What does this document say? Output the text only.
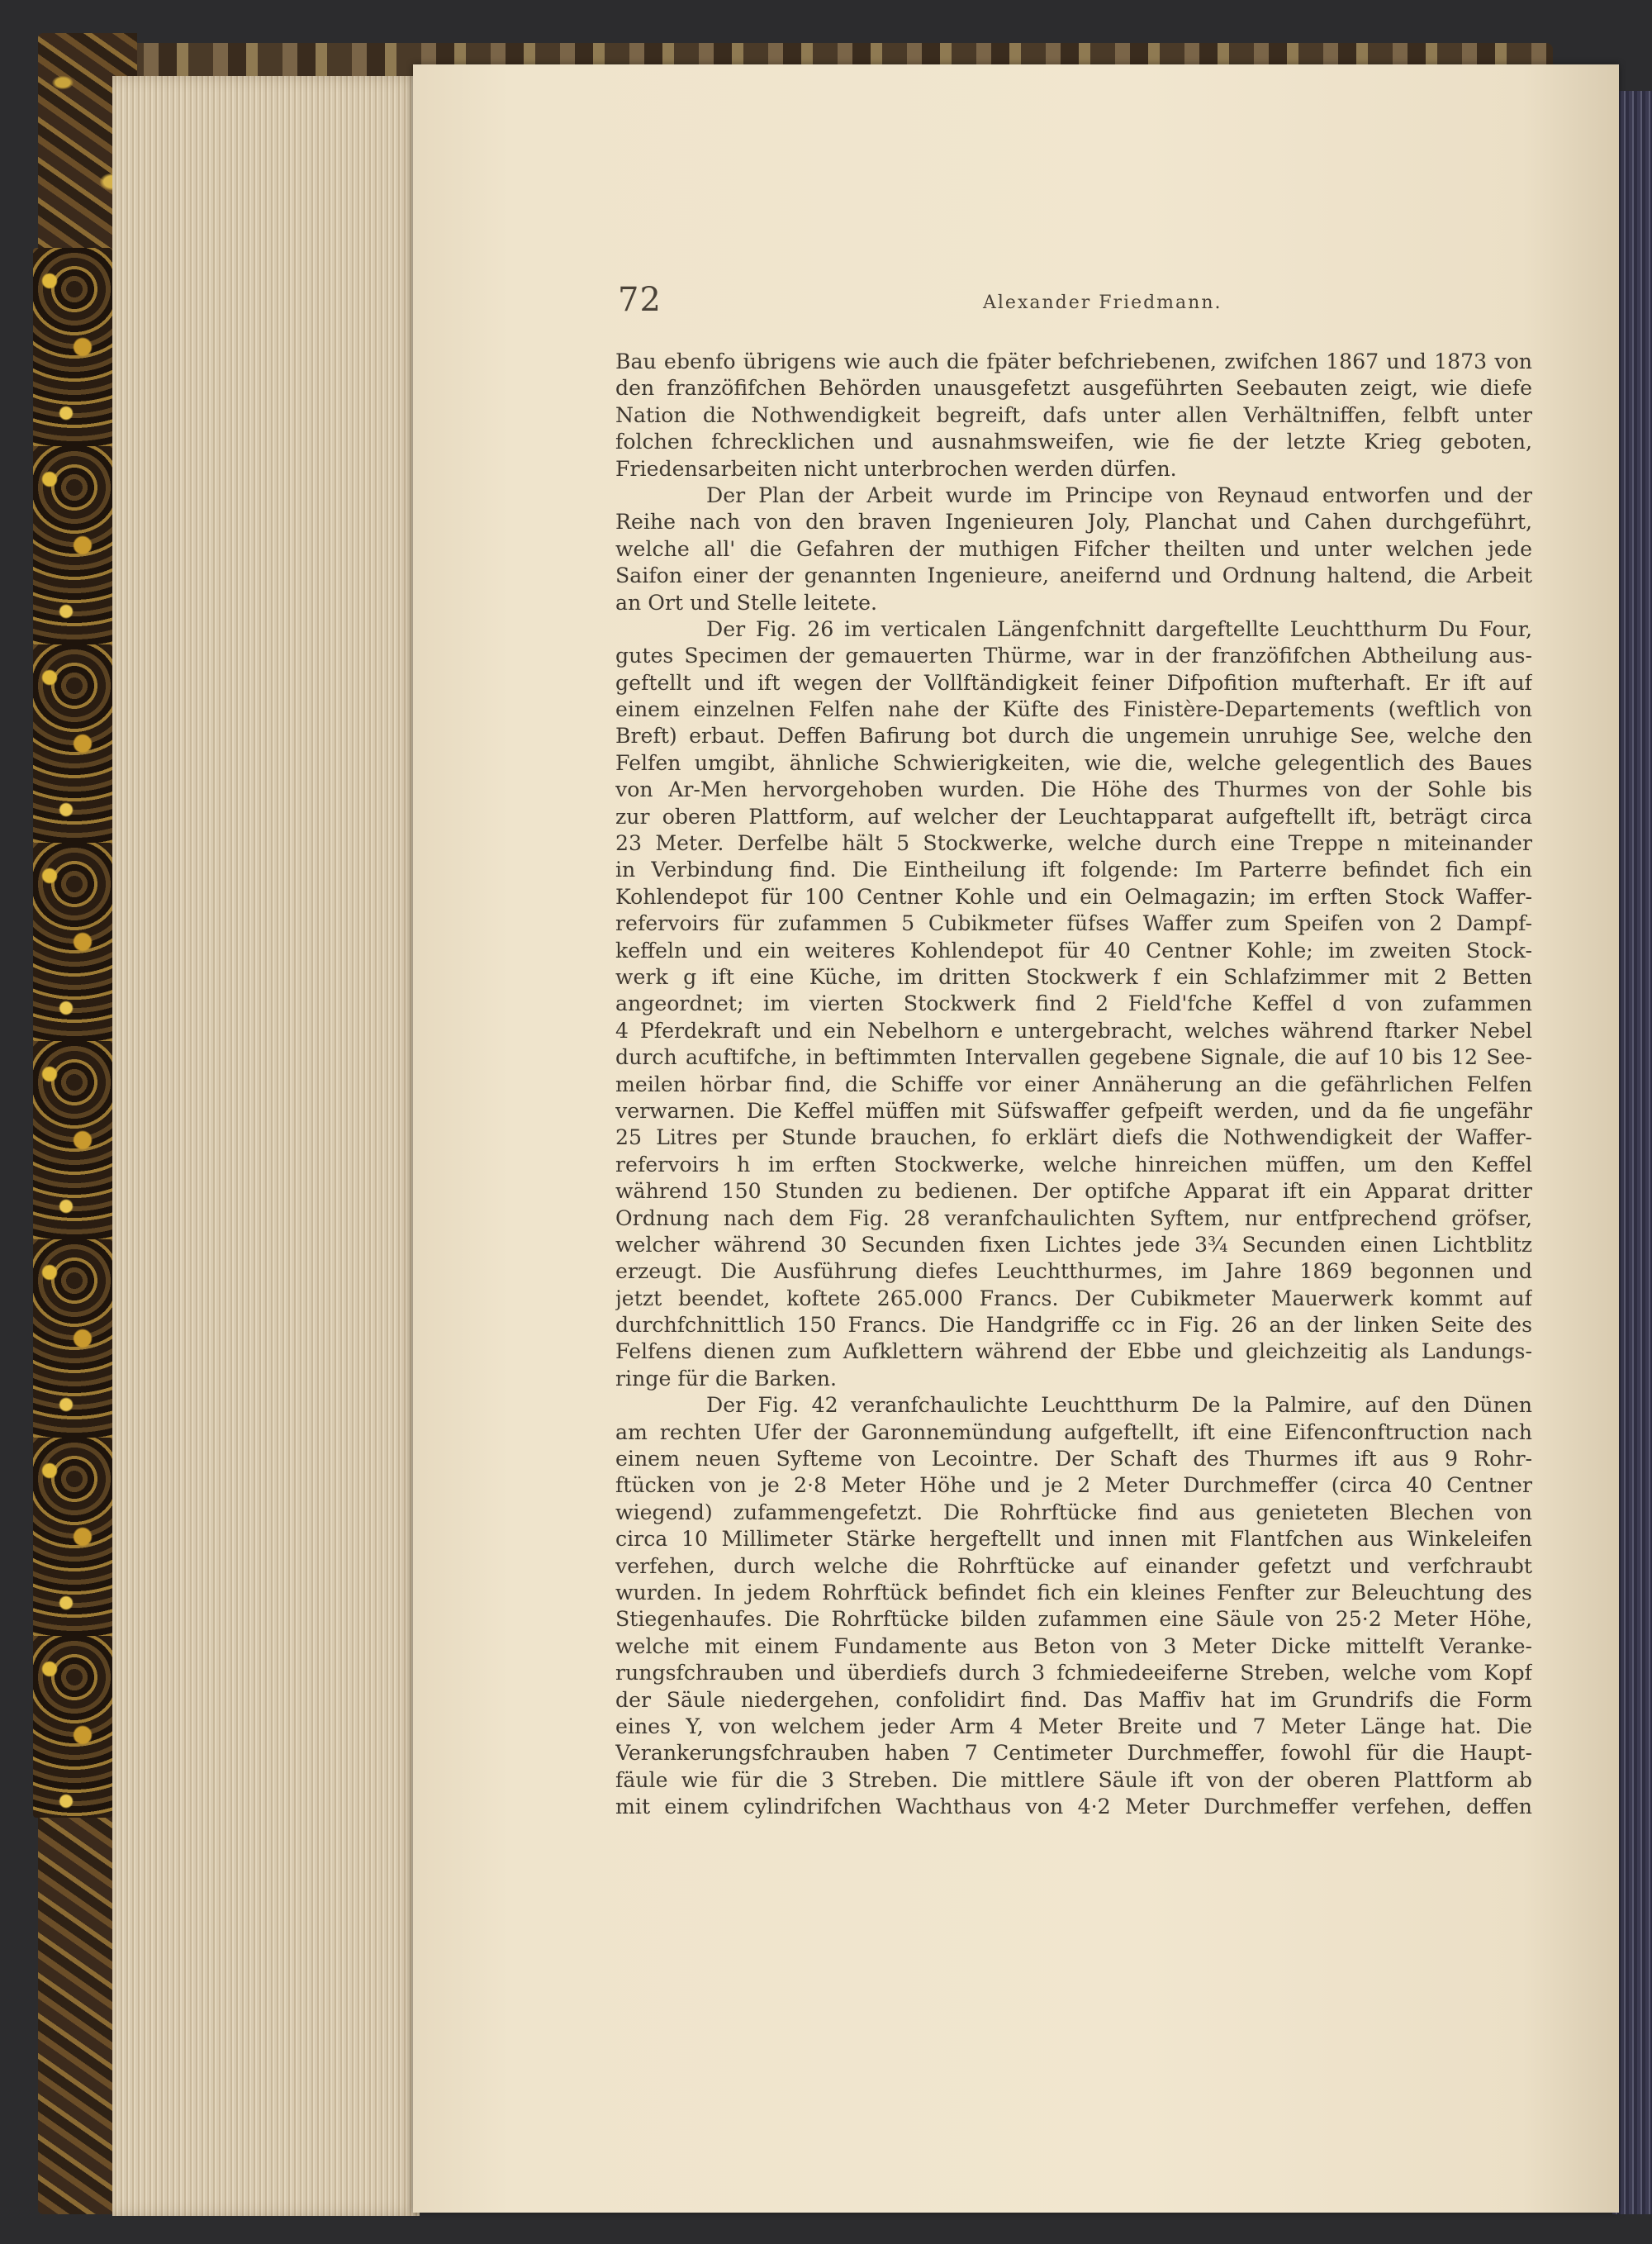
72	Alexander Friedmann.
Bau ebenfo übrigens wie auch die fpäter befchriebenen, zwifchen 1867 und 1873 von
den franzöfifchen Behörden unausgefetzt ausgeführten Seebauten zeigt, wie diefe
Nation die Nothwendigkeit begreift, dafs unter allen Verhältniffen, felbft unter
folchen fchrecklichen und ausnahmsweifen, wie fie der letzte Krieg geboten,
Friedensarbeiten nicht unterbrochen werden dürfen.
Der Plan der Arbeit wurde im Principe von Reynaud entworfen und der
Reihe nach von den braven Ingenieuren Joly, Planchat und Cahen durchgeführt,
welche all' die Gefahren der muthigen Fifcher theilten und unter welchen jede
Saifon einer der genannten Ingenieure, aneifernd und Ordnung haltend, die Arbeit
an Ort und Stelle leitete.
Der Fig. 26 im verticalen Längenfchnitt dargeftellte Leuchtthurm Du Four,
gutes Specimen der gemauerten Thürme, war in der franzöfifchen Abtheilung aus-
geftellt und ift wegen der Vollftändigkeit feiner Difpofition mufterhaft. Er ift auf
einem einzelnen Felfen nahe der Küfte des Finistère-Departements (weftlich von
Breft) erbaut. Deffen Bafirung bot durch die ungemein unruhige See, welche den
Felfen umgibt, ähnliche Schwierigkeiten, wie die, welche gelegentlich des Baues
von Ar-Men hervorgehoben wurden. Die Höhe des Thurmes von der Sohle bis
zur oberen Plattform, auf welcher der Leuchtapparat aufgeftellt ift, beträgt circa
23 Meter. Derfelbe hält 5 Stockwerke, welche durch eine Treppe n miteinander
in Verbindung find. Die Eintheilung ift folgende: Im Parterre befindet fich ein
Kohlendepot für 100 Centner Kohle und ein Oelmagazin; im erften Stock Waffer-
refervoirs für zufammen 5 Cubikmeter füfses Waffer zum Speifen von 2 Dampf-
keffeln und ein weiteres Kohlendepot für 40 Centner Kohle; im zweiten Stock-
werk g ift eine Küche, im dritten Stockwerk f ein Schlafzimmer mit 2 Betten
angeordnet; im vierten Stockwerk find 2 Field'fche Keffel d von zufammen
4 Pferdekraft und ein Nebelhorn e untergebracht, welches während ftarker Nebel
durch acuftifche, in beftimmten Intervallen gegebene Signale, die auf 10 bis 12 See-
meilen hörbar find, die Schiffe vor einer Annäherung an die gefährlichen Felfen
verwarnen. Die Keffel müffen mit Süfswaffer gefpeift werden, und da fie ungefähr
25 Litres per Stunde brauchen, fo erklärt diefs die Nothwendigkeit der Waffer-
refervoirs h im erften Stockwerke, welche hinreichen müffen, um den Keffel
während 150 Stunden zu bedienen. Der optifche Apparat ift ein Apparat dritter
Ordnung nach dem Fig. 28 veranfchaulichten Syftem, nur entfprechend gröfser,
welcher während 30 Secunden fixen Lichtes jede 3¾ Secunden einen Lichtblitz
erzeugt. Die Ausführung diefes Leuchtthurmes, im Jahre 1869 begonnen und
jetzt beendet, koftete 265.000 Francs. Der Cubikmeter Mauerwerk kommt auf
durchfchnittlich 150 Francs. Die Handgriffe cc in Fig. 26 an der linken Seite des
Felfens dienen zum Aufklettern während der Ebbe und gleichzeitig als Landungs-
ringe für die Barken.
Der Fig. 42 veranfchaulichte Leuchtthurm De la Palmire, auf den Dünen
am rechten Ufer der Garonnemündung aufgeftellt, ift eine Eifenconftruction nach
einem neuen Syfteme von Lecointre. Der Schaft des Thurmes ift aus 9 Rohr-
ftücken von je 2·8 Meter Höhe und je 2 Meter Durchmeffer (circa 40 Centner
wiegend) zufammengefetzt. Die Rohrftücke find aus genieteten Blechen von
circa 10 Millimeter Stärke hergeftellt und innen mit Flantfchen aus Winkeleifen
verfehen, durch welche die Rohrftücke auf einander gefetzt und verfchraubt
wurden. In jedem Rohrftück befindet fich ein kleines Fenfter zur Beleuchtung des
Stiegenhaufes. Die Rohrftücke bilden zufammen eine Säule von 25·2 Meter Höhe,
welche mit einem Fundamente aus Beton von 3 Meter Dicke mittelft Veranke-
rungsfchrauben und überdiefs durch 3 fchmiedeeiferne Streben, welche vom Kopf
der Säule niedergehen, confolidirt find. Das Maffiv hat im Grundrifs die Form
eines Y, von welchem jeder Arm 4 Meter Breite und 7 Meter Länge hat. Die
Verankerungsfchrauben haben 7 Centimeter Durchmeffer, fowohl für die Haupt-
fäule wie für die 3 Streben. Die mittlere Säule ift von der oberen Plattform ab
mit einem cylindrifchen Wachthaus von 4·2 Meter Durchmeffer verfehen, deffen
